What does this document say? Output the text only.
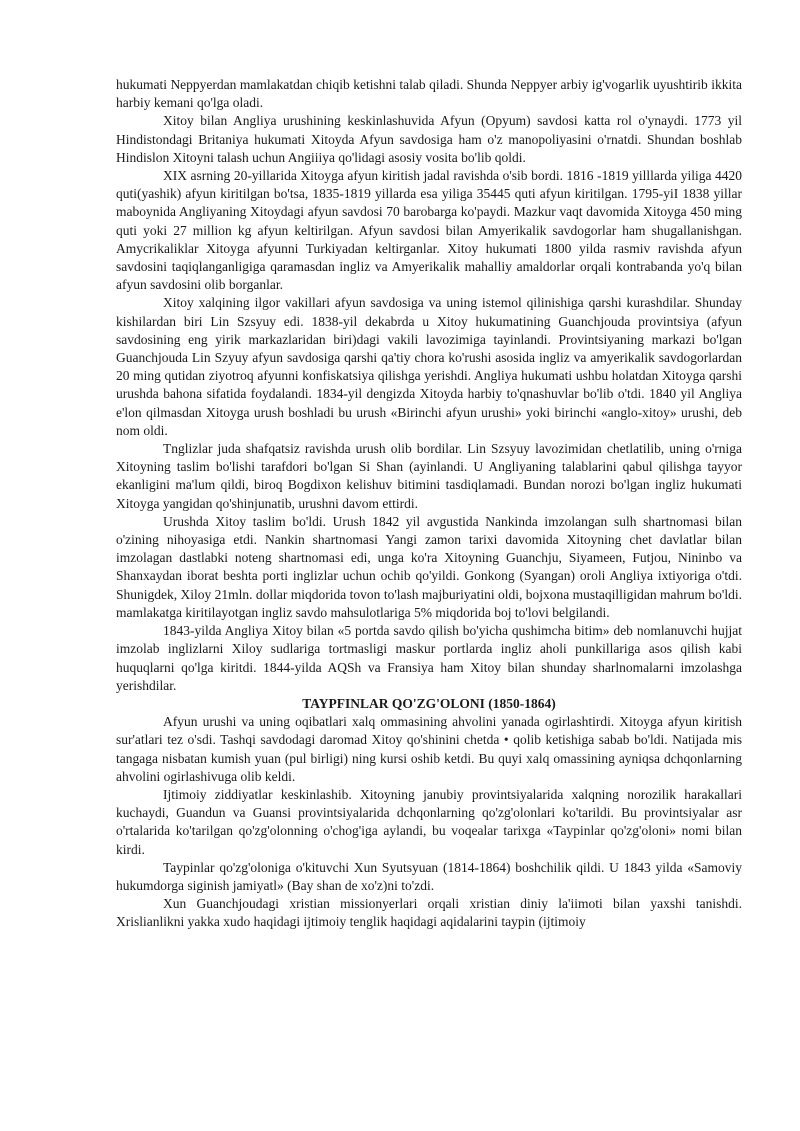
hukumati Neppyerdan mamlakatdan chiqib ketishni talab qiladi. Shunda Neppyer arbiy ig'vogarlik uyushtirib ikkita harbiy kemani qo'lga oladi.

Xitoy bilan Angliya urushining keskinlashuvida Afyun (Opyum) savdosi katta rol o'ynaydi. 1773 yil Hindistondagi Britaniya hukumati Xitoyda Afyun savdosiga ham o'z manopoliyasini o'rnatdi. Shundan boshlab Hindislon Xitoyni talash uchun Angiiiya qo'lidagi asosiy vosita bo'lib qoldi.

XIX asrning 20-yillarida Xitoyga afyun kiritish jadal ravishda o'sib bordi. 1816 -1819 yilllarda yiliga 4420 quti(yashik) afyun kiritilgan bo'tsa, 1835-1819 yillarda esa yiliga 35445 quti afyun kiritilgan. 1795-yiI 1838 yillar maboynida Angliyaning Xitoydagi afyun savdosi 70 barobarga ko'paydi. Mazkur vaqt davomida Xitoyga 450 ming quti yoki 27 million kg afyun keltirilgan. Afyun savdosi bilan Amyerikalik savdogorlar ham shugallanishgan. Amycrikaliklar Xitoyga afyunni Turkiyadan keltirganlar. Xitoy hukumati 1800 yilda rasmiv ravishda afyun savdosini taqiqlanganligiga qaramasdan ingliz va Amyerikalik mahalliy amaldorlar orqali kontrabanda yo'q bilan afyun savdosini olib borganlar.

Xitoy xalqining ilgor vakillari afyun savdosiga va uning istemol qilinishiga qarshi kurashdilar. Shunday kishilardan biri Lin Szsyuy edi. 1838-yil dekabrda u Xitoy hukumatining Guanchjouda provintsiya (afyun savdosining eng yirik markazlaridan biri)dagi vakili lavozimiga tayinlandi. Provintsiyaning markazi bo'lgan Guanchjouda Lin Szyuy afyun savdosiga qarshi qa'tiy chora ko'rushi asosida ingliz va amyerikalik savdogorlardan 20 ming qutidan ziyotroq afyunni konfiskatsiya qilishga yerishdi. Angliya hukumati ushbu holatdan Xitoyga qarshi urushda bahona sifatida foydalandi. 1834-yil dengizda Xitoyda harbiy to'qnashuvlar bo'lib o'tdi. 1840 yil Angliya e'lon qilmasdan Xitoyga urush boshladi bu urush «Birinchi afyun urushi» yoki birinchi «anglo-xitoy» urushi, deb nom oldi.

Tnglizlar juda shafqatsiz ravishda urush olib bordilar. Lin Szsyuy lavozimidan chetlatilib, uning o'rniga Xitoyning taslim bo'lishi tarafdori bo'lgan Si Shan (ayinlandi. U Angliyaning talablarini qabul qilishga tayyor ekanligini ma'lum qildi, biroq Bogdixon kelishuv bitimini tasdiqlamadi. Bundan norozi bo'lgan ingliz hukumati Xitoyga yangidan qo'shinjunatib, urushni davom ettirdi.

Urushda Xitoy taslim bo'ldi. Urush 1842 yil avgustida Nankinda imzolangan sulh shartnomasi bilan o'zining nihoyasiga etdi. Nankin shartnomasi Yangi zamon tarixi davomida Xitoyning chet davlatlar bilan imzolagan dastlabki noteng shartnomasi edi, unga ko'ra Xitoyning Guanchju, Siyameen, Futjou, Nininbo va Shanxaydan iborat beshta porti inglizlar uchun ochib qo'yildi. Gonkong (Syangan) oroli Angliya ixtiyoriga o'tdi. Shunigdek, Xiloy 21mln. dollar miqdorida tovon to'lash majburiyatini oldi, bojxona mustaqilligidan mahrum bo'ldi. mamlakatga kiritilayotgan ingliz savdo mahsulotlariga 5% miqdorida boj to'lovi belgilandi.

1843-yilda Angliya Xitoy bilan «5 portda savdo qilish bo'yicha qushimcha bitim» deb nomlanuvchi hujjat imzolab inglizlarni Xiloy sudlariga tortmasligi maskur portlarda ingliz aholi punkillariga asos qilish kabi huquqlarni qo'lga kiritdi. 1844-yilda AQSh va Fransiya ham Xitoy bilan shunday sharlnomalarni imzolashga yerishdilar.

TAYPFINLAR QO'ZG'OLONI (1850-1864)

Afyun urushi va uning oqibatlari xalq ommasining ahvolini yanada ogirlashtirdi. Xitoyga afyun kiritish sur'atlari tez o'sdi. Tashqi savdodagi daromad Xitoy qo'shinini chetda • qolib ketishiga sabab bo'ldi. Natijada mis tangaga nisbatan kumish yuan (pul birligi) ning kursi oshib ketdi. Bu quyi xalq omassining ayniqsa dchqonlarning ahvolini ogirlashivuga olib keldi.

Ijtimoiy ziddiyatlar keskinlashib. Xitoyning janubiy provintsiyalarida xalqning norozilik harakallari kuchaydi, Guandun va Guansi provintsiyalarida dchqonlarning qo'zg'olonlari ko'tarildi. Bu provintsiyalar asr o'rtalarida ko'tarilgan qo'zg'olonning o'chog'iga aylandi, bu voqealar tarixga «Taypinlar qo'zg'oloni» nomi bilan kirdi.

Taypinlar qo'zg'oloniga o'kituvchi Xun Syutsyuan (1814-1864) boshchilik qildi. U 1843 yilda «Samoviy hukumdorga siginish jamiyatl» (Bay shan de xo'z)ni to'zdi.

Xun Guanchjoudagi xristian missionyerlari orqali xristian diniy la'iimoti bilan yaxshi tanishdi. Xrislianlikni yakka xudo haqidagi ijtimoiy tenglik haqidagi aqidalarini taypin (ijtimoiy
